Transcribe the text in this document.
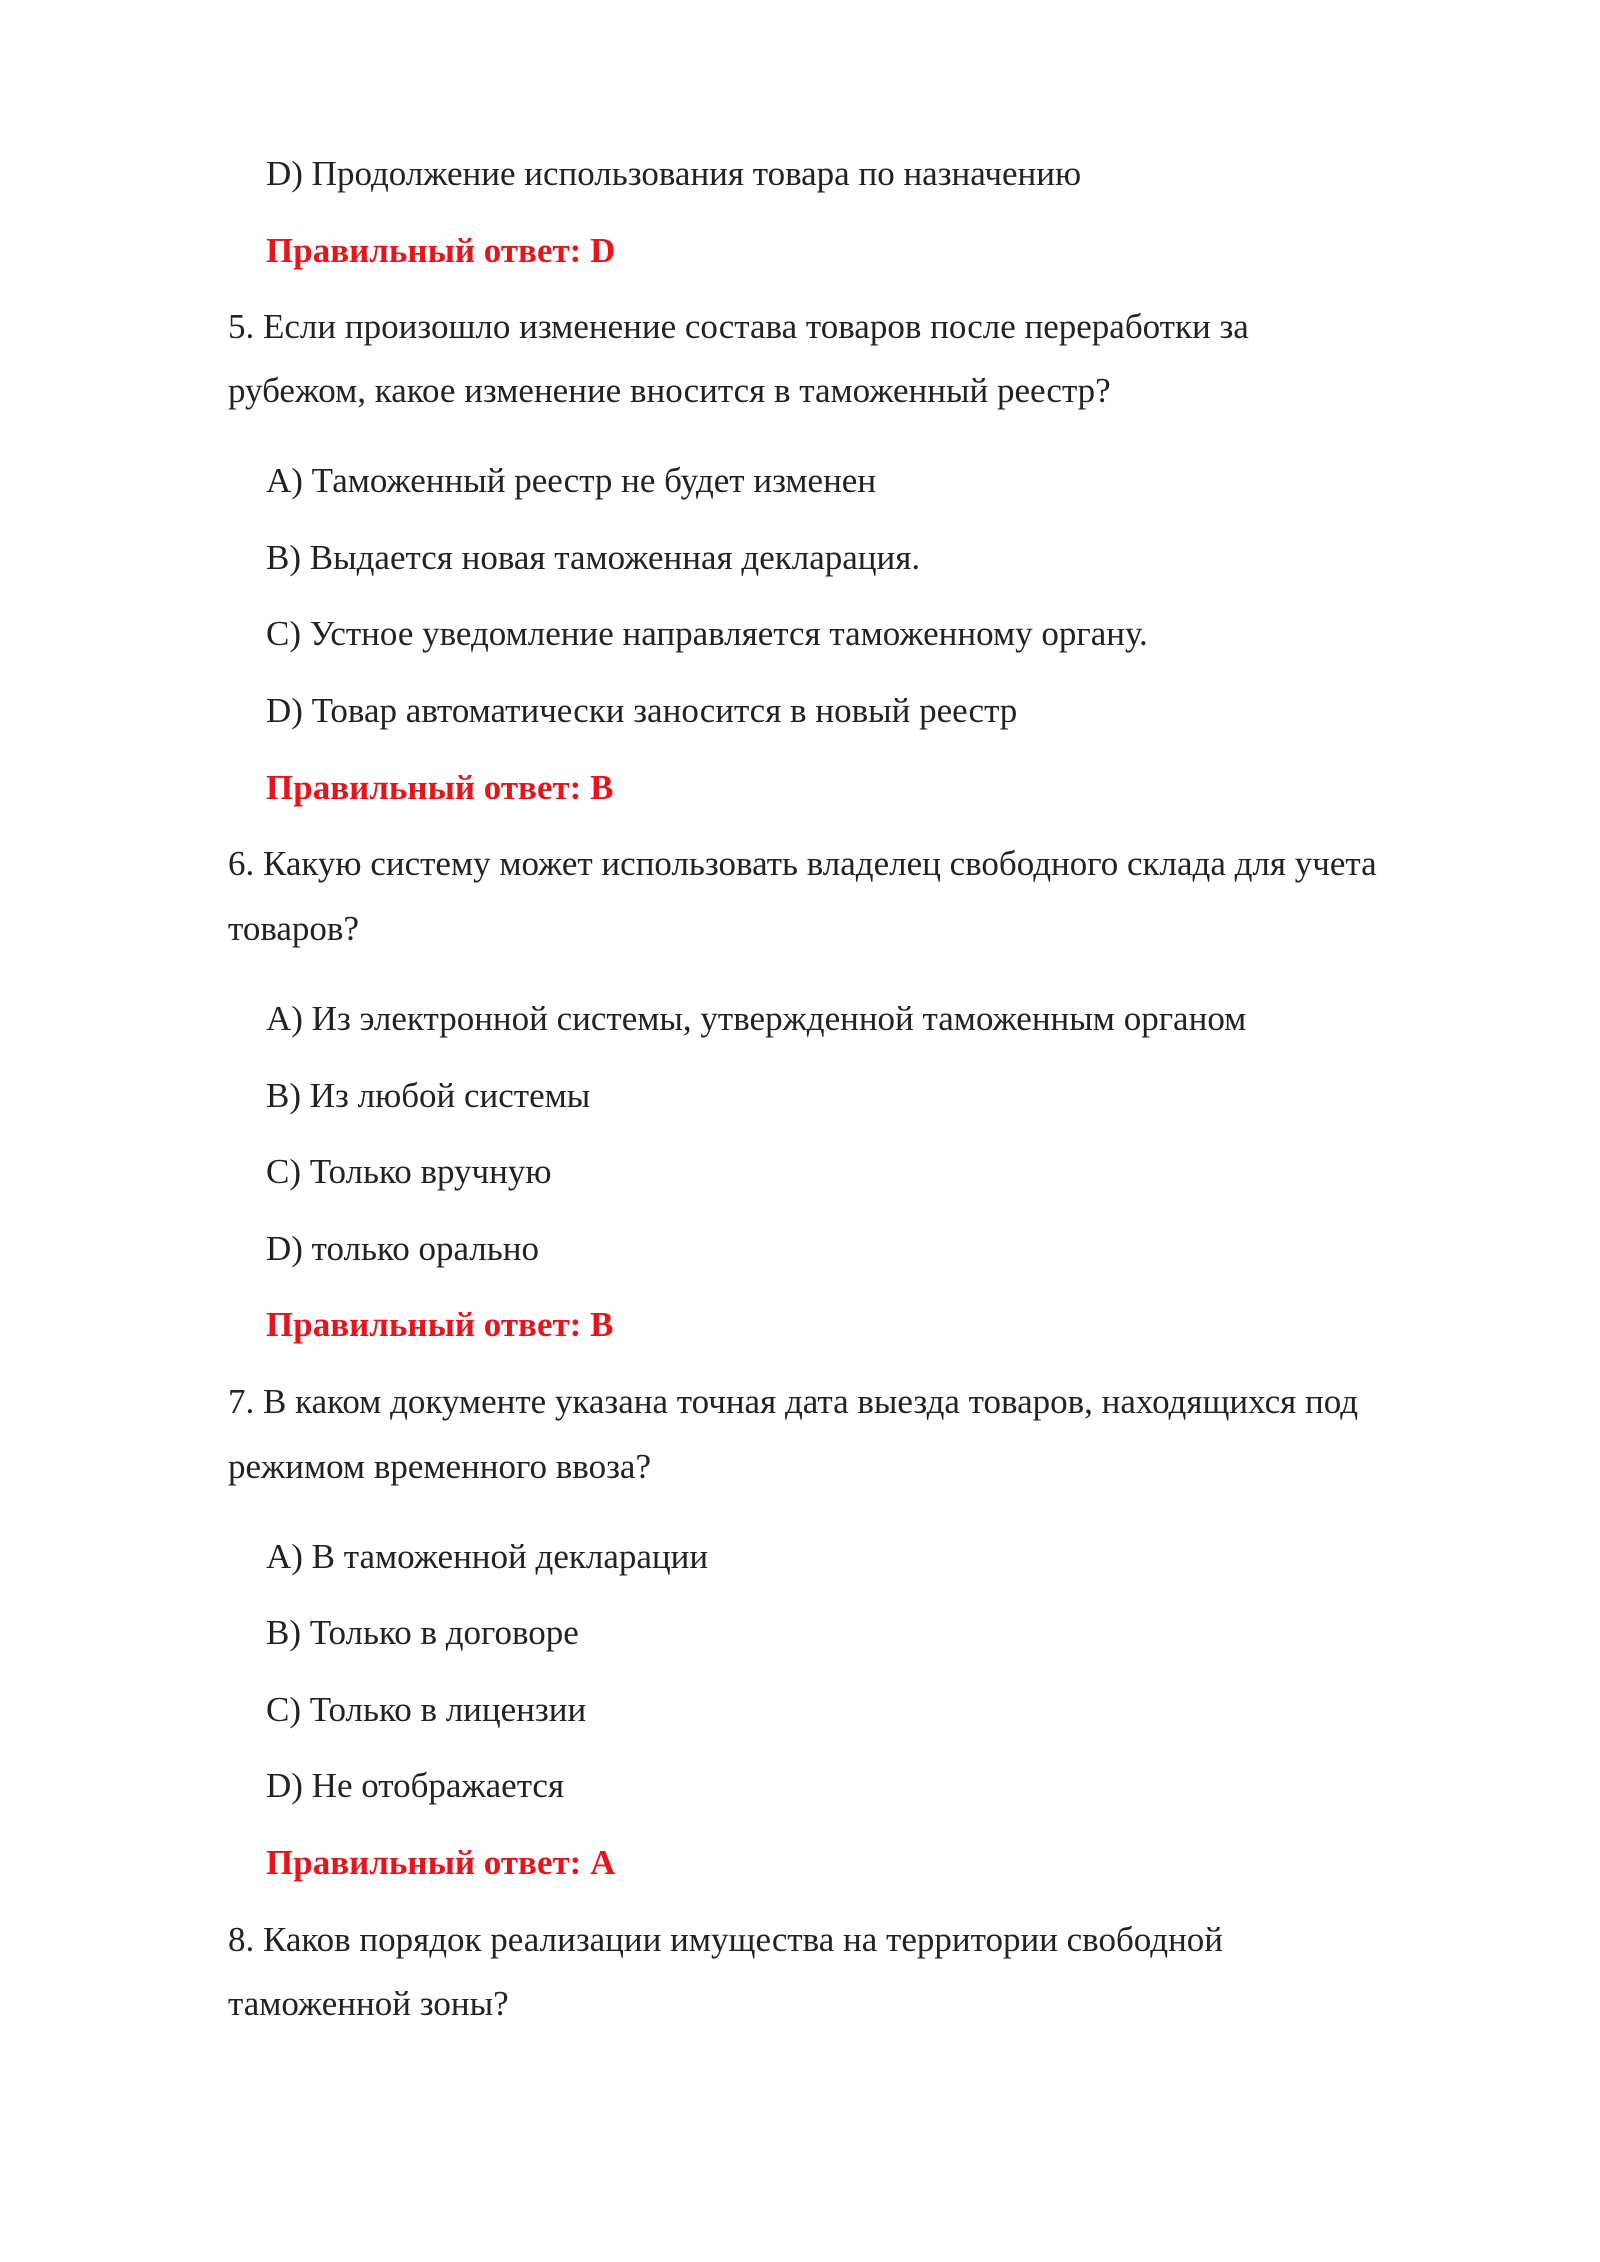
D) Продолжение использования товара по назначению
Правильный ответ: D
5. Если произошло изменение состава товаров после переработки за
рубежом, какое изменение вносится в таможенный реестр?
A) Таможенный реестр не будет изменен
B) Выдается новая таможенная декларация.
C) Устное уведомление направляется таможенному органу.
D) Товар автоматически заносится в новый реестр
Правильный ответ: B
6. Какую систему может использовать владелец свободного склада для учета
товаров?
A) Из электронной системы, утвержденной таможенным органом
B) Из любой системы
C) Только вручную
D) только орально
Правильный ответ: B
7. В каком документе указана точная дата выезда товаров, находящихся под
режимом временного ввоза?
A) В таможенной декларации
B) Только в договоре
C) Только в лицензии
D) Не отображается
Правильный ответ: A
8. Каков порядок реализации имущества на территории свободной
таможенной зоны?
